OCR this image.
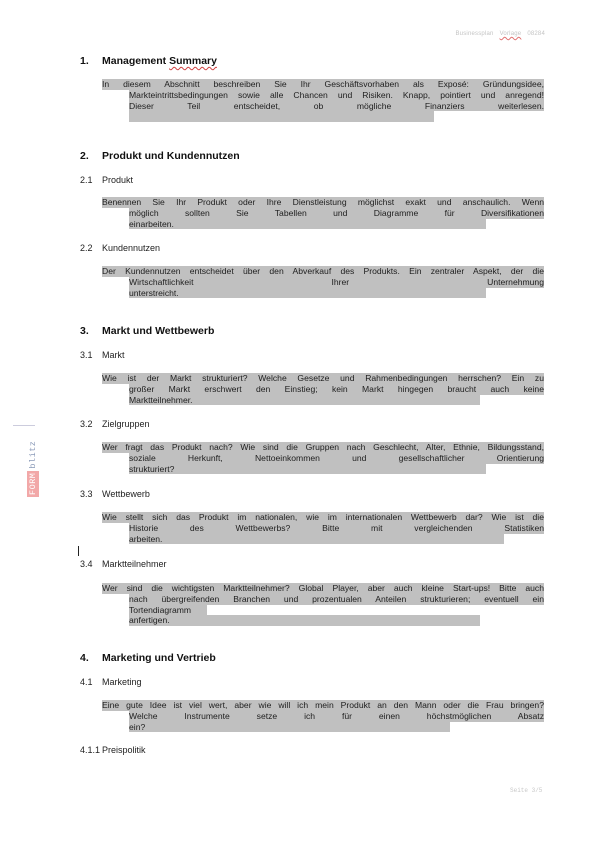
Businessplan Vorlage 08284
FORM
blitz
1.	Management
Summary
In diesem Abschnitt beschreiben Sie Ihr Geschäftsvorhaben als Exposé: Gründungsidee,
Markteintrittsbedingungen sowie alle Chancen und Risiken. Knapp, pointiert und anregend!
Dieser Teil entscheidet, ob mögliche Finanziers weiterlesen.
2.	Produkt und Kundennutzen
2.1	Produkt
Benennen Sie Ihr Produkt oder Ihre Dienstleistung möglichst exakt und anschaulich. Wenn
möglich sollten Sie Tabellen und Diagramme für Diversifikationen
einarbeiten.
2.2	Kundennutzen
Der Kundennutzen entscheidet über den Abverkauf des Produkts. Ein zentraler Aspekt, der die
Wirtschaftlichkeit Ihrer Unternehmung
unterstreicht.
3.	Markt und Wettbewerb
3.1	Markt
Wie ist der Markt strukturiert? Welche Gesetze und Rahmenbedingungen herrschen? Ein zu
großer Markt erschwert den Einstieg; kein Markt hingegen braucht auch keine
Marktteilnehmer.
3.2	Zielgruppen
Wer fragt das Produkt nach? Wie sind die Gruppen nach Geschlecht, Alter, Ethnie, Bildungsstand,
soziale Herkunft, Nettoeinkommen und gesellschaftlicher Orientierung
strukturiert?
3.3	Wettbewerb
Wie stellt sich das Produkt im nationalen, wie im internationalen Wettbewerb dar? Wie ist die
Historie des Wettbewerbs? Bitte mit vergleichenden Statistiken
arbeiten.
3.4	Marktteilnehmer
Wer sind die wichtigsten Marktteilnehmer? Global Player, aber auch kleine Start-ups! Bitte auch
nach übergreifenden Branchen und prozentualen Anteilen strukturieren; eventuell ein
Tortendiagramm
anfertigen.
4.	Marketing und Vertrieb
4.1	Marketing
Eine gute Idee ist viel wert, aber wie will ich mein Produkt an den Mann oder die Frau bringen?
Welche Instrumente setze ich für einen höchstmöglichen Absatz
ein?
4.1.1 Preispolitik
Seite 3/5
